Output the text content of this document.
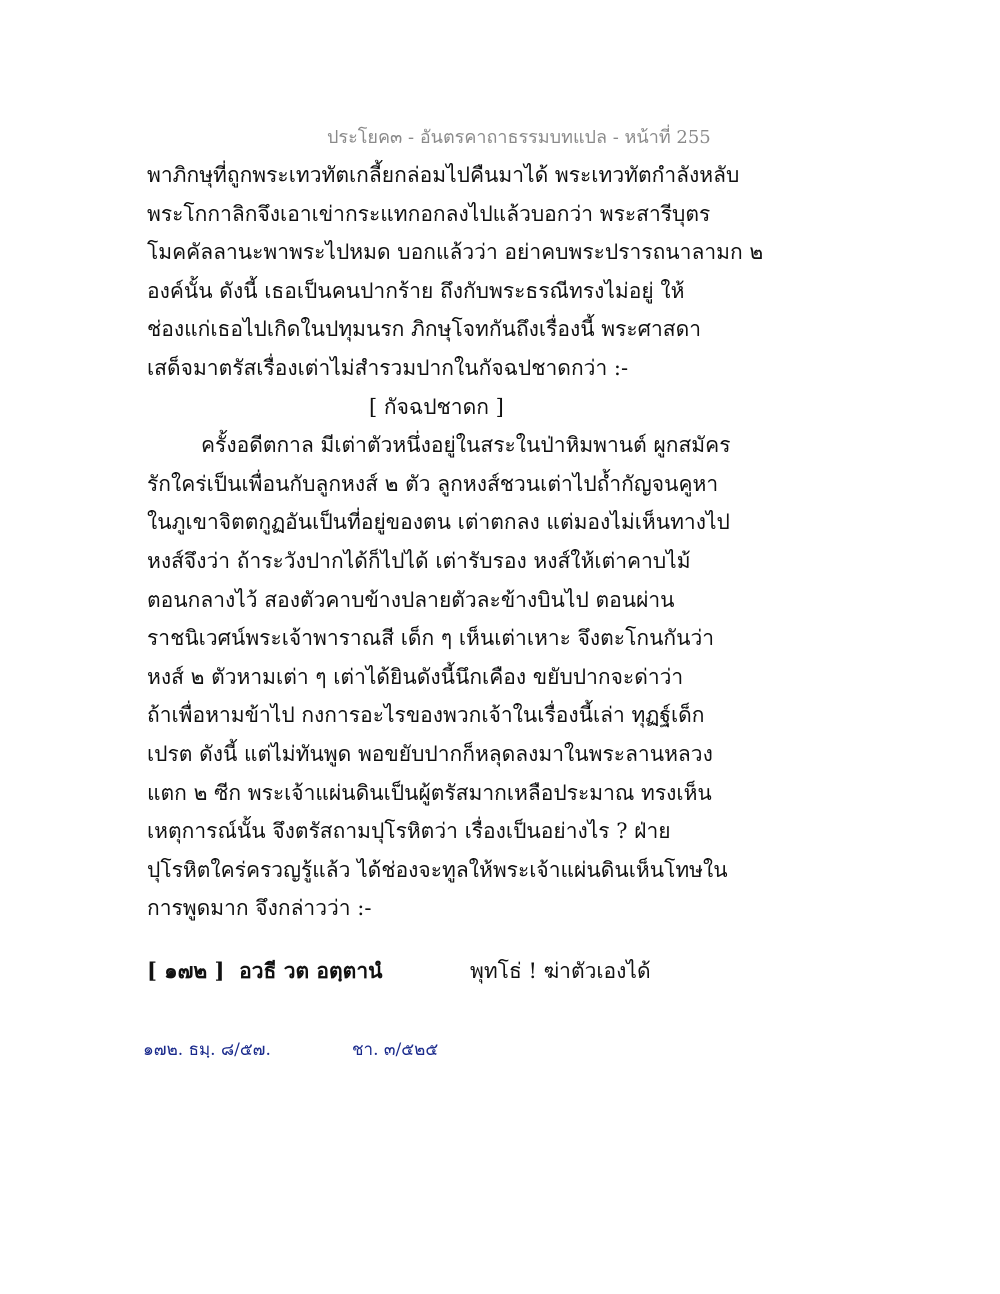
ประโยค๓ - อันตรคาถาธรรมบทแปล - หน้าที่ 255
พาภิกษุที่ถูกพระเทวทัตเกลี้ยกล่อมไปคืนมาได้ พระเทวทัตกำลังหลับ
พระโกกาลิกจึงเอาเข่ากระแทกอกลงไปแล้วบอกว่า พระสารีบุตร
โมคคัลลานะพาพระไปหมด บอกแล้วว่า อย่าคบพระปรารถนาลามก ๒
องค์นั้น ดังนี้ เธอเป็นคนปากร้าย ถึงกับพระธรณีทรงไม่อยู่ ให้
ช่องแก่เธอไปเกิดในปทุมนรก ภิกษุโจทกันถึงเรื่องนี้ พระศาสดา
เสด็จมาตรัสเรื่องเต่าไม่สำรวมปากในกัจฉปชาดกว่า :-
[ กัจฉปชาดก ]
ครั้งอดีตกาล มีเต่าตัวหนึ่งอยู่ในสระในป่าหิมพานต์ ผูกสมัคร
รักใคร่เป็นเพื่อนกับลูกหงส์ ๒ ตัว ลูกหงส์ชวนเต่าไปถ้ำกัญจนคูหา
ในภูเขาจิตตกูฏอันเป็นที่อยู่ของตน เต่าตกลง แต่มองไม่เห็นทางไป
หงส์จึงว่า ถ้าระวังปากได้ก็ไปได้ เต่ารับรอง หงส์ให้เต่าคาบไม้
ตอนกลางไว้ สองตัวคาบข้างปลายตัวละข้างบินไป ตอนผ่าน
ราชนิเวศน์พระเจ้าพาราณสี เด็ก ๆ เห็นเต่าเหาะ จึงตะโกนกันว่า
หงส์ ๒ ตัวหามเต่า ๆ เต่าได้ยินดังนี้นึกเคือง ขยับปากจะด่าว่า
ถ้าเพื่อหามข้าไป กงการอะไรของพวกเจ้าในเรื่องนี้เล่า ทุฏฐ์เด็ก
เปรต ดังนี้ แต่ไม่ทันพูด พอขยับปากก็หลุดลงมาในพระลานหลวง
แตก ๒ ซีก พระเจ้าแผ่นดินเป็นผู้ตรัสมากเหลือประมาณ ทรงเห็น
เหตุการณ์นั้น จึงตรัสถามปุโรหิตว่า เรื่องเป็นอย่างไร ? ฝ่าย
ปุโรหิตใคร่ครวญรู้แล้ว ได้ช่องจะทูลให้พระเจ้าแผ่นดินเห็นโทษใน
การพูดมาก จึงกล่าวว่า :-
[ ๑๗๒ ] อวธี วต อตฺตานํ	พุทโธ่ ! ฆ่าตัวเองได้
๑๗๒. ธมฺ. ๘/๕๗.	ชา. ๓/๕๒๕
